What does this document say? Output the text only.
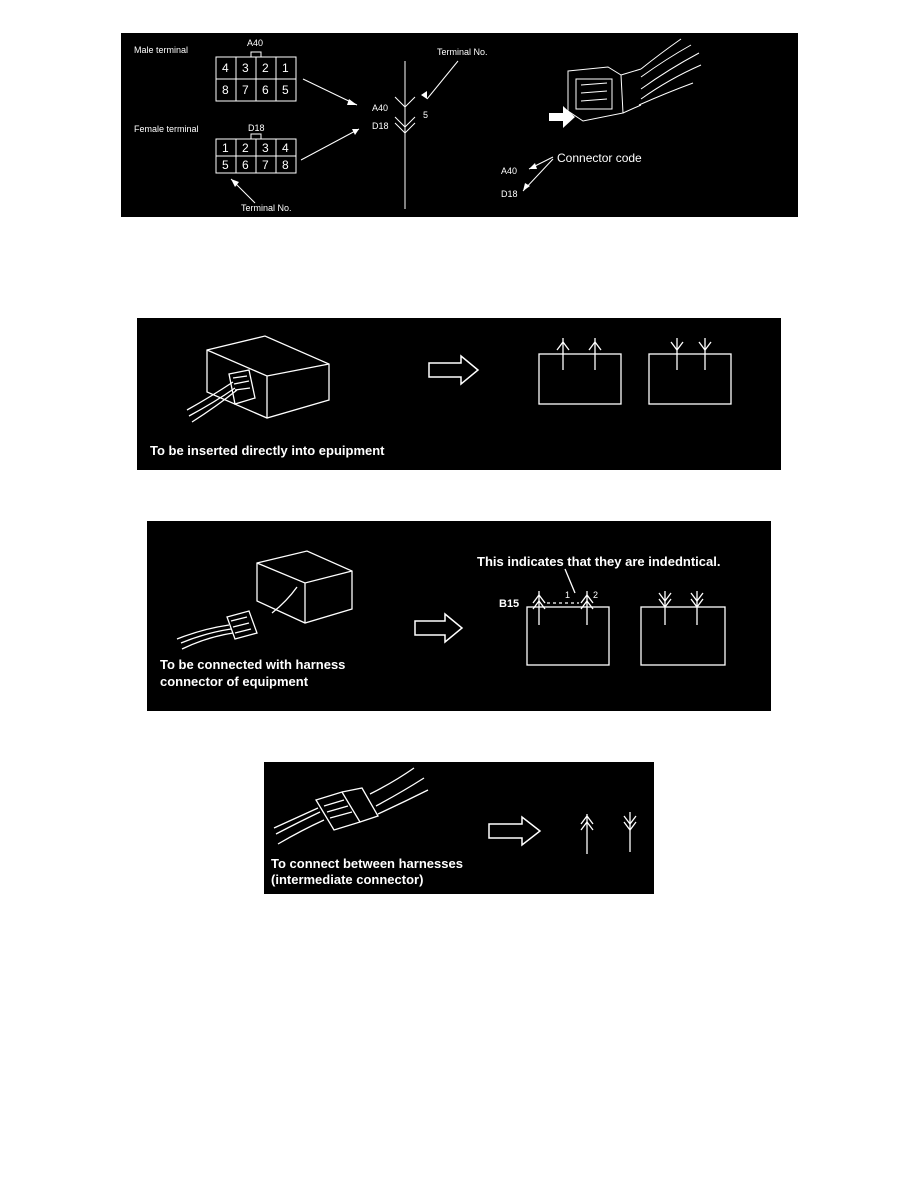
Male terminal
A40
4 3 2 1
8 7 6 5
Female terminal	D18
1 2 3 4
5 6 7 8
Terminal No.
Terminal No.
A40
D18
5
Connector code
A40
D18
To be inserted directly into epuipment
This indicates that they are indedntical.
B15
1	2
To be connected with harness
connector of equipment
To connect between harnesses
(intermediate connector)
